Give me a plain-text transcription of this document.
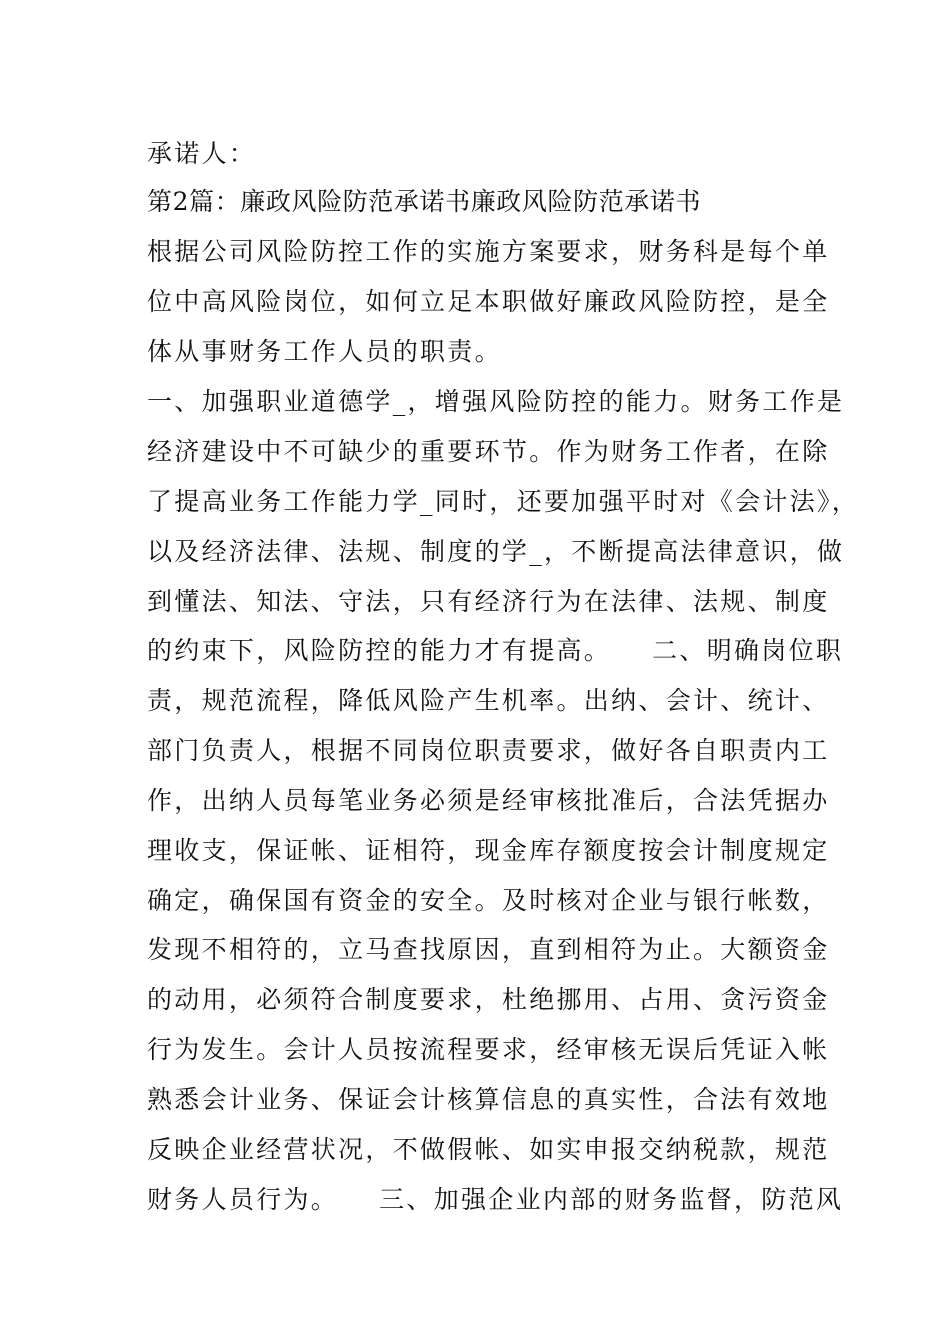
承诺人：
第2篇：廉政风险防范承诺书廉政风险防范承诺书
根据公司风险防控工作的实施方案要求，财务科是每个单
位中高风险岗位，如何立足本职做好廉政风险防控，是全
体从事财务工作人员的职责。
一、加强职业道德学_，增强风险防控的能力。财务工作是
经济建设中不可缺少的重要环节。作为财务工作者，在除
了提高业务工作能力学_同时，还要加强平时对《会计法》，
以及经济法律、法规、制度的学_，不断提高法律意识，做
到懂法、知法、守法，只有经济行为在法律、法规、制度
的约束下，风险防控的能力才有提高。    二、明确岗位职
责，规范流程，降低风险产生机率。出纳、会计、统计、
部门负责人，根据不同岗位职责要求，做好各自职责内工
作，出纳人员每笔业务必须是经审核批准后，合法凭据办
理收支，保证帐、证相符，现金库存额度按会计制度规定
确定，确保国有资金的安全。及时核对企业与银行帐数，
发现不相符的，立马查找原因，直到相符为止。大额资金
的动用，必须符合制度要求，杜绝挪用、占用、贪污资金
行为发生。会计人员按流程要求，经审核无误后凭证入帐
熟悉会计业务、保证会计核算信息的真实性，合法有效地
反映企业经营状况，不做假帐、如实申报交纳税款，规范
财务人员行为。    三、加强企业内部的财务监督，防范风
